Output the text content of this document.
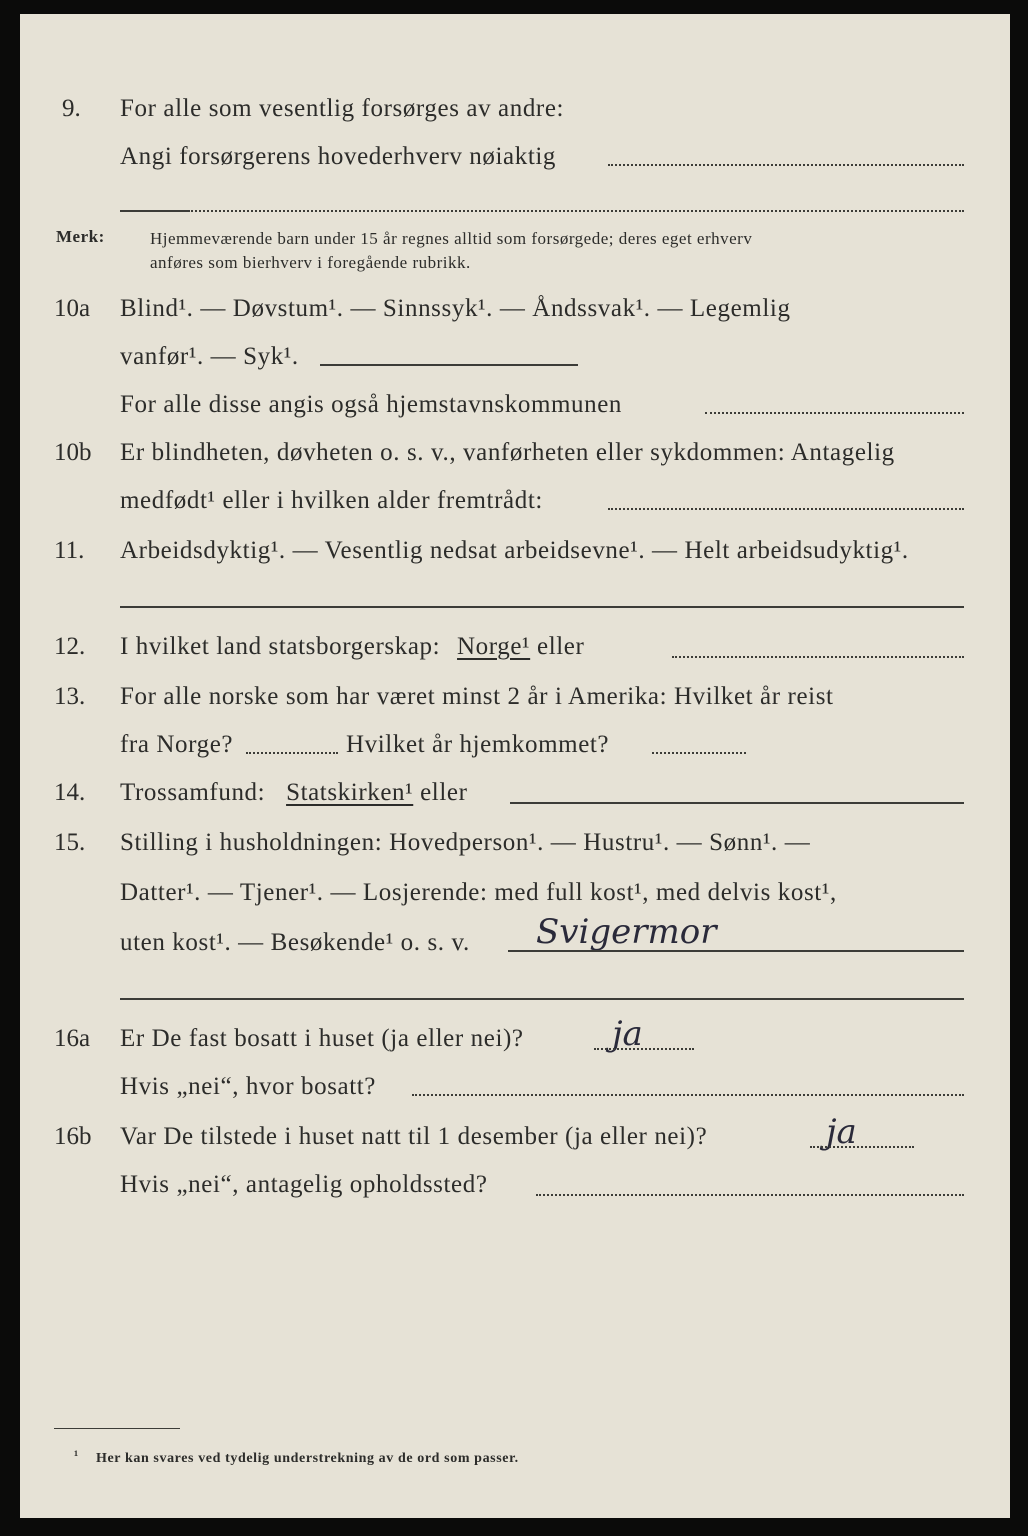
9. For alle som vesentlig forsørges av andre:
Angi forsørgerens hovederhverv nøiaktig
Merk:	Hjemmeværende barn under 15 år regnes alltid som forsørgede; deres eget erhverv
anføres som bierhverv i foregående rubrikk.
10a Blind¹. — Døvstum¹. — Sinnssyk¹. — Åndssvak¹. — Legemlig
vanfør¹. — Syk¹.
For alle disse angis også hjemstavnskommunen
10b Er blindheten, døvheten o. s. v., vanførheten eller sykdommen: Antagelig
medfødt¹ eller i hvilken alder fremtrådt:
11. Arbeidsdyktig¹. — Vesentlig nedsat arbeidsevne¹. — Helt arbeidsudyktig¹.
12. I hvilket land statsborgerskap: Norge¹ eller
13. For alle norske som har været minst 2 år i Amerika: Hvilket år reist
fra Norge?	Hvilket år hjemkommet?
14. Trossamfund: Statskirken¹ eller
15. Stilling i husholdningen: Hovedperson¹. — Hustru¹. — Sønn¹. —
Datter¹. — Tjener¹. — Losjerende: med full kost¹, med delvis kost¹,
uten kost¹. — Besøkende¹ o. s. v. Svigermor
16a Er De fast bosatt i huset (ja eller nei)?	ja
Hvis „nei“, hvor bosatt?
16b Var De tilstede i huset natt til 1 desember (ja eller nei)?	ja
Hvis „nei“, antagelig opholdssted?
¹ Her kan svares ved tydelig understrekning av de ord som passer.
